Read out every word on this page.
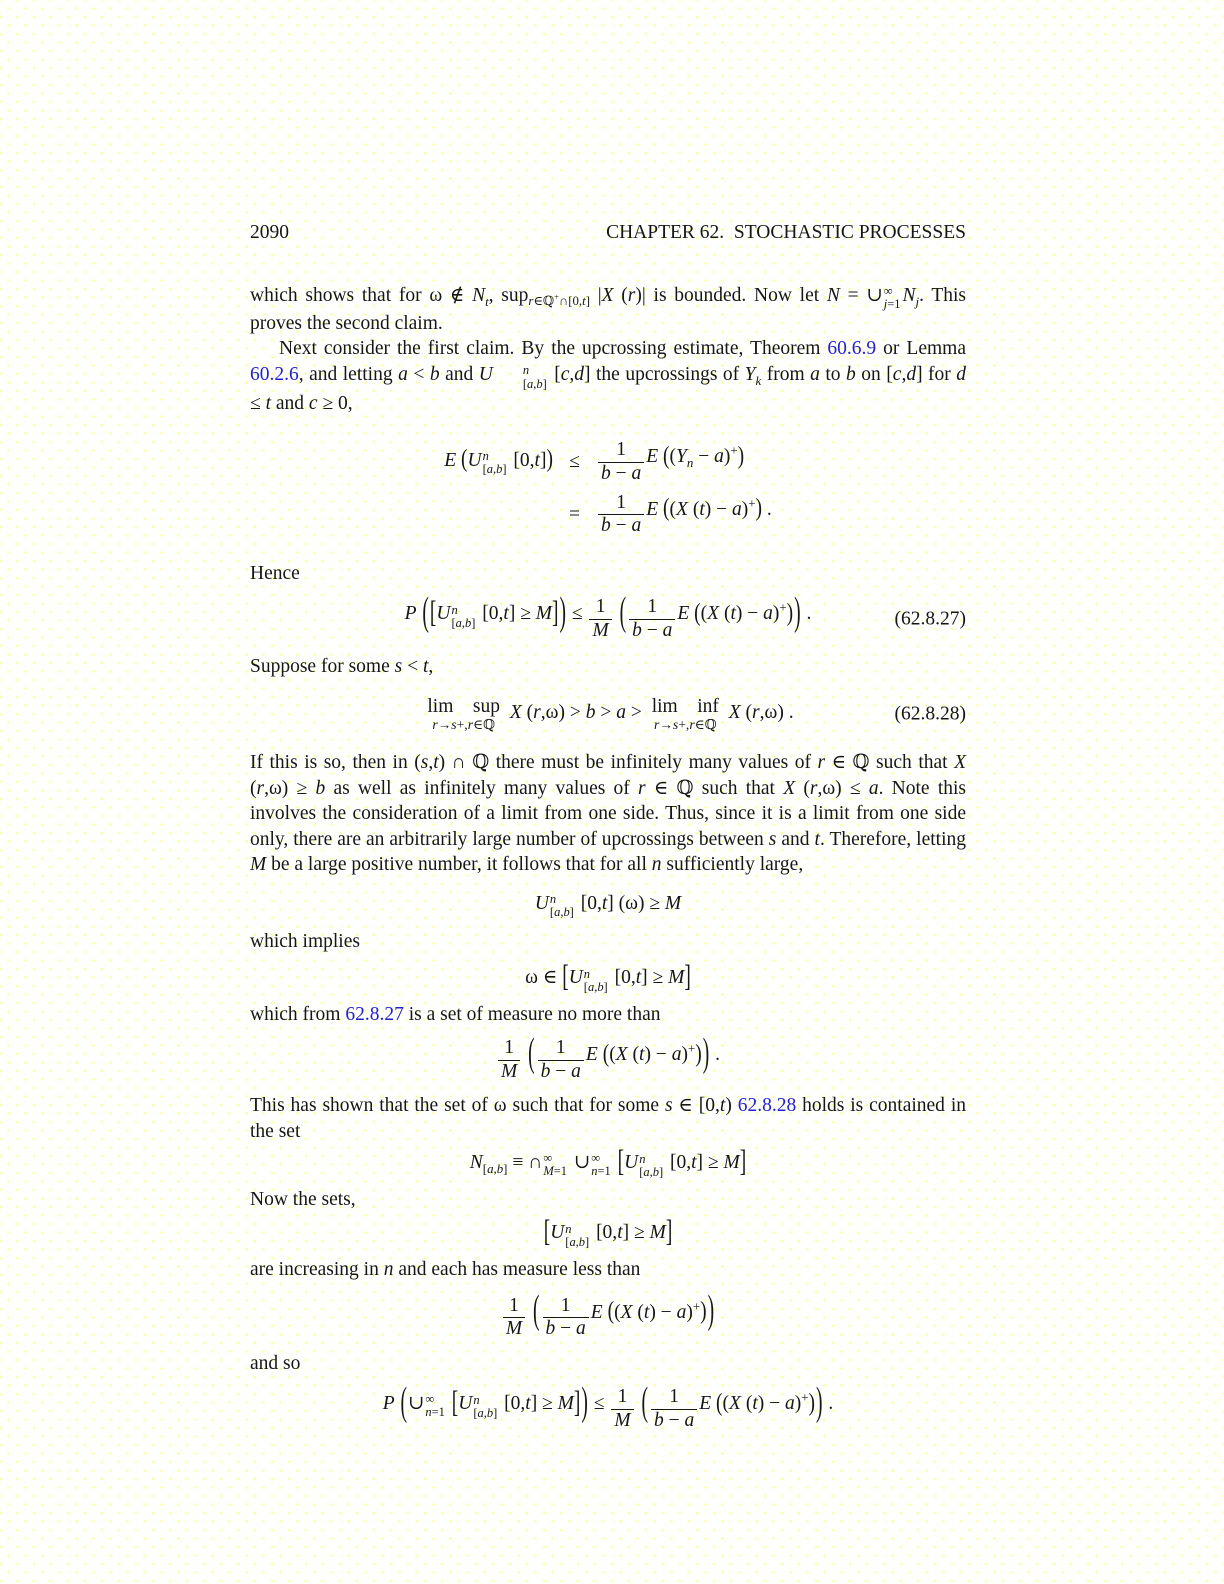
2090	CHAPTER 62.  STOCHASTIC PROCESSES

which shows that for ω ∉ $N_t$, sup$_{r\in ℚ^+\cap[0,t]}$ |X (r)| is bounded. Now let N = ∪ ∞
j=1 $N_j$. This proves the second claim.

Next consider the first claim. By the upcrossing estimate, Theorem 60.6.9 or Lemma 60.2.6, and letting a < b and U	n
[a,b] [c,d] the upcrossings of $Y_k$ from a to b on [c,d] for d ≤ t and c ≥ 0,

E (U n
[a,b] [0,t])	≤	$\frac{1}{b - a}$ E $((Y_n - a)^+)$
	=	$\frac{1}{b - a}$ E ((X (t) − a)+) .

Hence

P ([U n
[a,b] $[0,t] \ge M]) \le \frac{1}{M}$ ( $\frac{1}{b - a}$ E ((X (t) − a)+)) .	(62.8.27)

Suppose for some s < t,

lim  sup
r→s+,r∈ℚ
X (r,ω) > b > a > lim  inf
r→s+,r∈ℚ
X (r,ω) .	(62.8.28)

If this is so, then in (s,t) ∩ ℚ there must be infinitely many values of r ∈ ℚ such that X (r,ω) ≥ b as well as infinitely many values of r ∈ ℚ such that X (r,ω) ≤ a. Note this involves the consideration of a limit from one side. Thus, since it is a limit from one side only, there are an arbitrarily large number of upcrossings between s and t. Therefore, letting M be a large positive number, it follows that for all n sufficiently large,

U n
[a,b] [0,t] (ω) ≥ M

which implies

ω ∈ [U n
[a,b] [0,t] ≥ M]

which from 62.8.27 is a set of measure no more than

$\frac{1}{M}$ ( $\frac{1}{b - a}$ E ((X (t) − a)+)) .

This has shown that the set of ω such that for some s ∈ [0,t) 62.8.28 holds is contained in the set

$N_{[a,b]}$ ≡ ∩ ∞
M=1 ∪ ∞
n=1 [U n
[a,b] [0,t] ≥ M]

Now the sets,

[U n
[a,b] [0,t] ≥ M]

are increasing in n and each has measure less than

$\frac{1}{M}$ ( $\frac{1}{b - a}$ E ((X (t) − a)+))

and so

P (∪ ∞
n=1 [U n
[a,b] $[0,t] \ge M]) \le \frac{1}{M}$ ( $\frac{1}{b - a}$ E ((X (t) − a)+)) .
